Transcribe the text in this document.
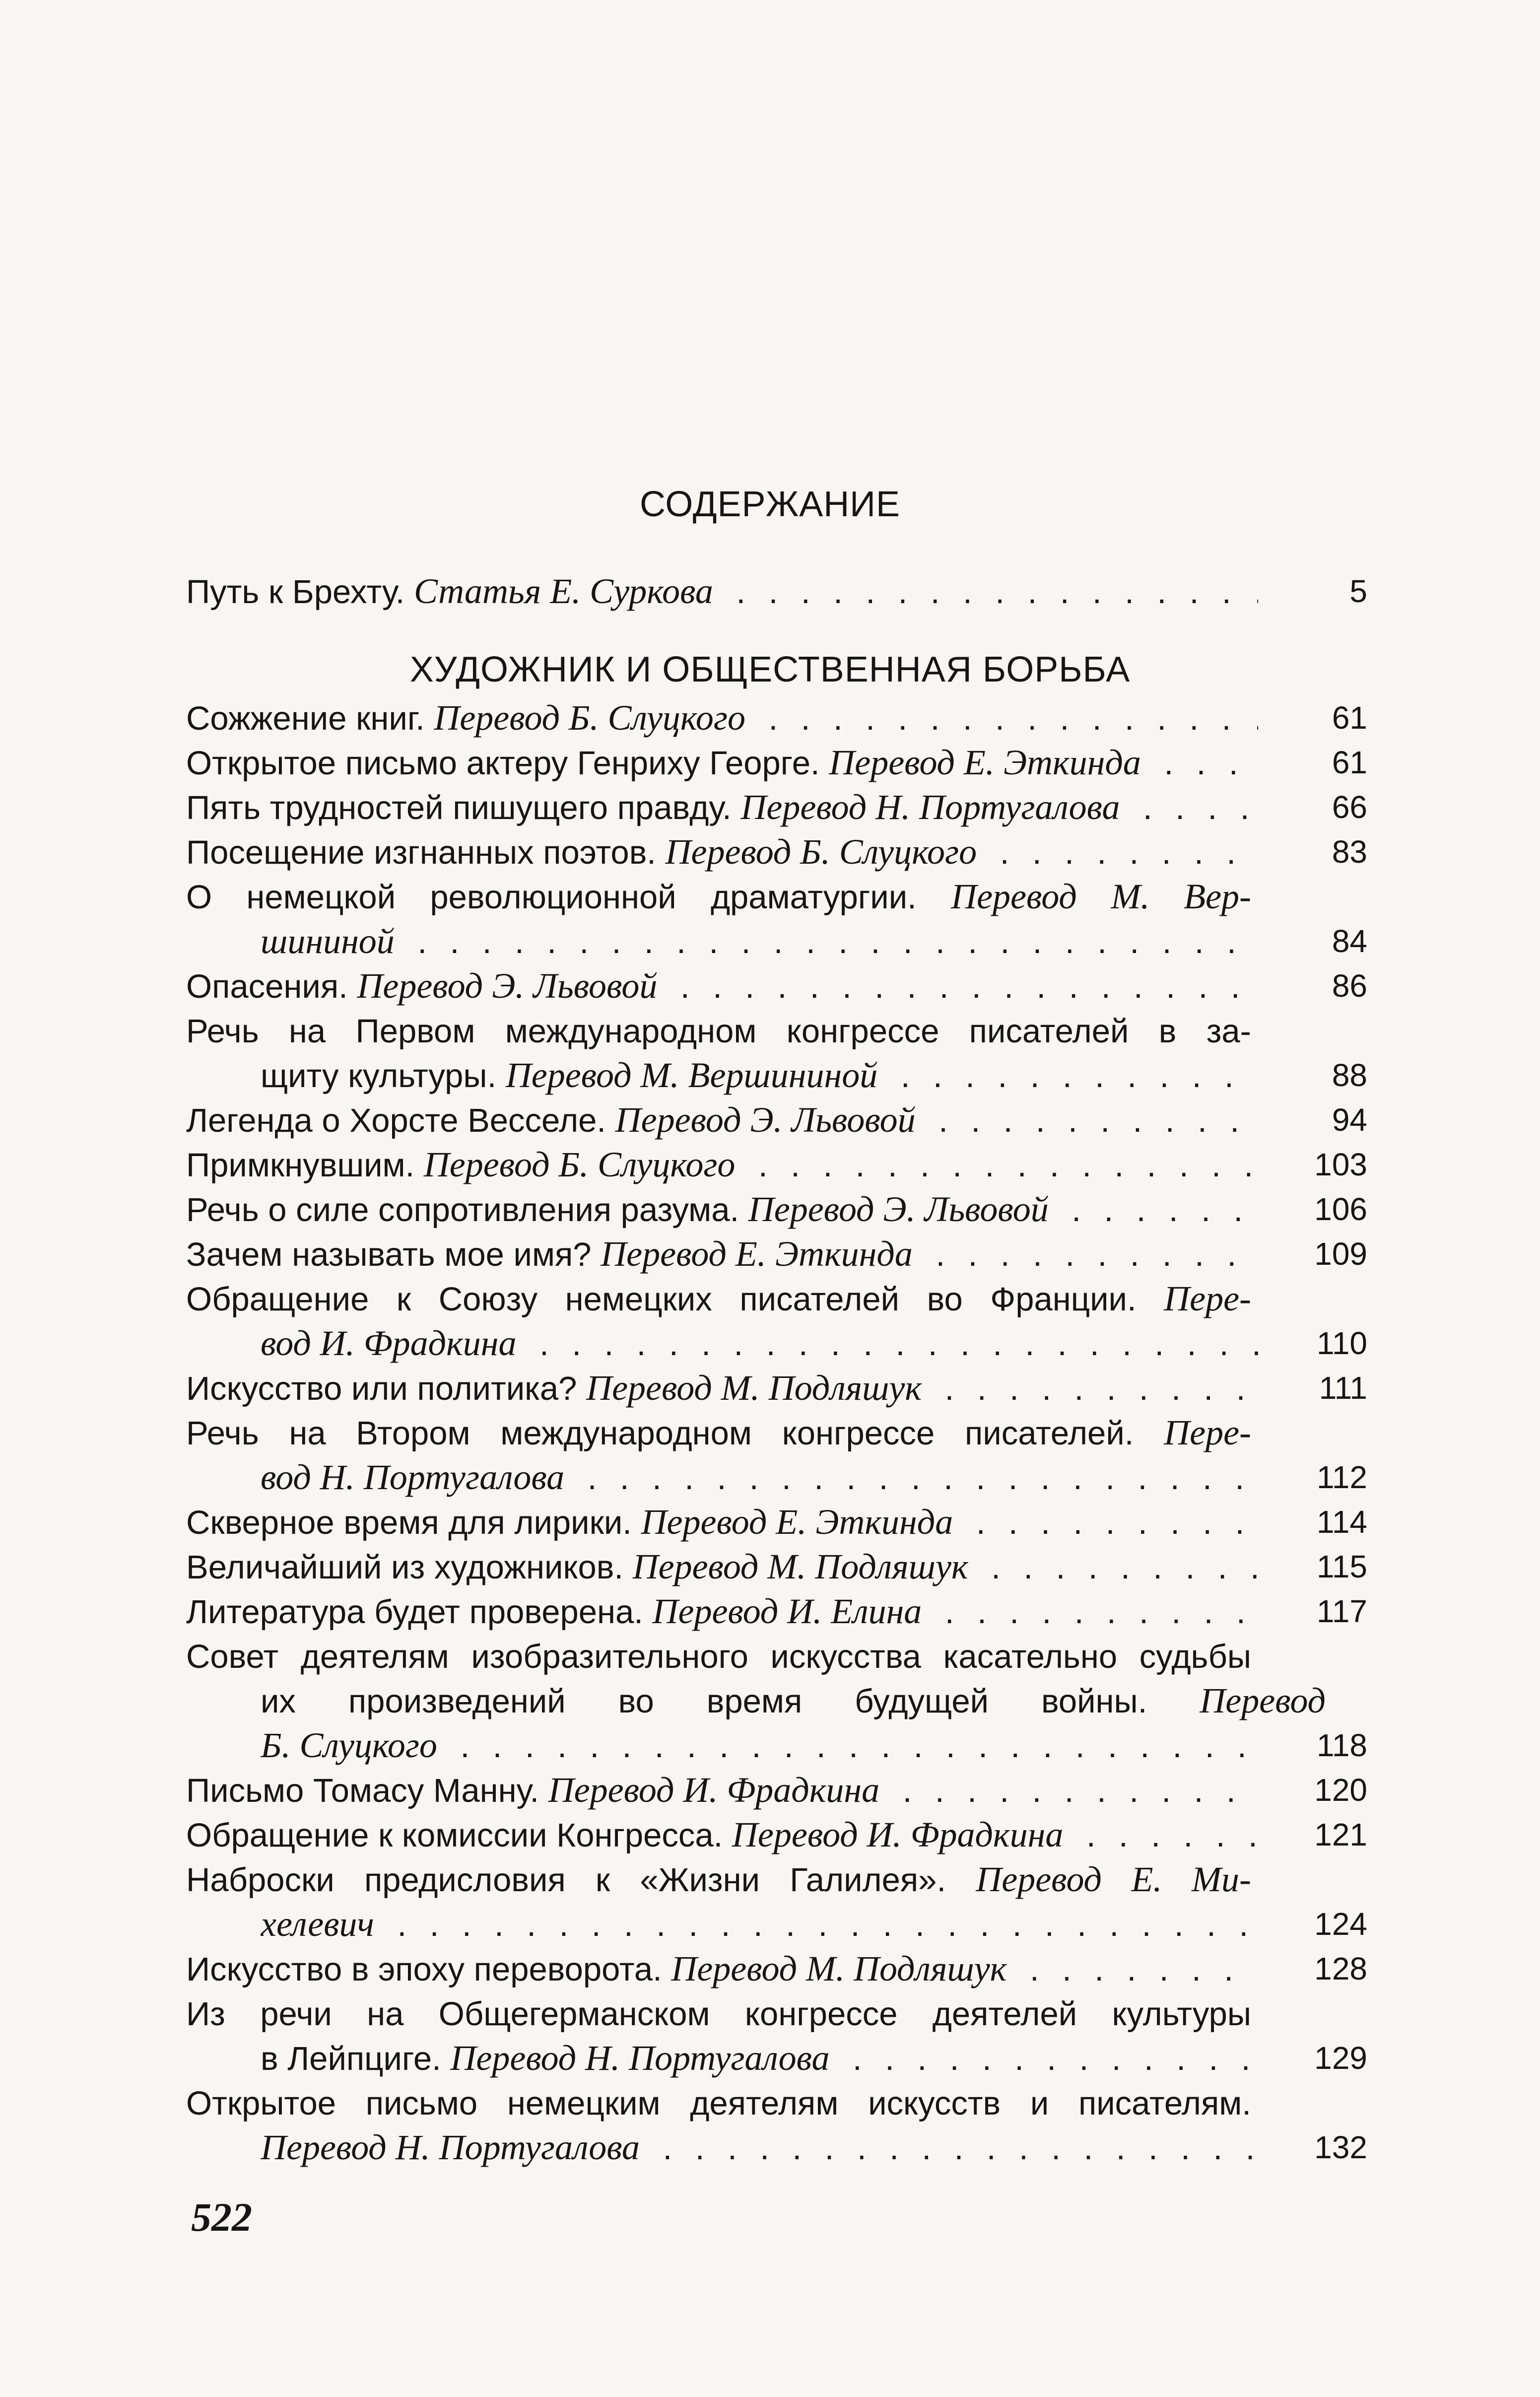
СОДЕРЖАНИЕ
ХУДОЖНИК И ОБЩЕСТВЕННАЯ БОРЬБА
Путь к Брехту. Статья Е. Суркова . . .	5
Сожжение книг. Перевод Б. Слуцкого . . .	61
Открытое письмо актеру Генриху Георге. Перевод Е. Эткинда . . .	61
Пять трудностей пишущего правду. Перевод Н. Португалова . . .	66
Посещение изгнанных поэтов. Перевод Б. Слуцкого . . .	83
О немецкой революционной драматургии. Перевод М. Вер-
шининой . . .	84
Опасения. Перевод Э. Львовой . . .	86
Речь на Первом международном конгрессе писателей в за-
щиту культуры. Перевод М. Вершининой . . .	88
Легенда о Хорсте Весселе. Перевод Э. Львовой . . .	94
Примкнувшим. Перевод Б. Слуцкого . . .	103
Речь о силе сопротивления разума. Перевод Э. Львовой . . .	106
Зачем называть мое имя? Перевод Е. Эткинда . . .	109
Обращение к Союзу немецких писателей во Франции. Пере-
вод И. Фрадкина . . .	110
Искусство или политика? Перевод М. Подляшук . . .	111
Речь на Втором международном конгрессе писателей. Пере-
вод Н. Португалова . . .	112
Скверное время для лирики. Перевод Е. Эткинда . . .	114
Величайший из художников. Перевод М. Подляшук . . .	115
Литература будет проверена. Перевод И. Елина . . .	117
Совет деятелям изобразительного искусства касательно судьбы
их произведений во время будущей войны. Перевод
Б. Слуцкого . . .	118
Письмо Томасу Манну. Перевод И. Фрадкина . . .	120
Обращение к комиссии Конгресса. Перевод И. Фрадкина . . .	121
Наброски предисловия к «Жизни Галилея». Перевод Е. Ми-
хелевич . . .	124
Искусство в эпоху переворота. Перевод М. Подляшук . . .	128
Из речи на Общегерманском конгрессе деятелей культуры
в Лейпциге. Перевод Н. Португалова . . .	129
Открытое письмо немецким деятелям искусств и писателям.
Перевод Н. Португалова . . .	132
522
